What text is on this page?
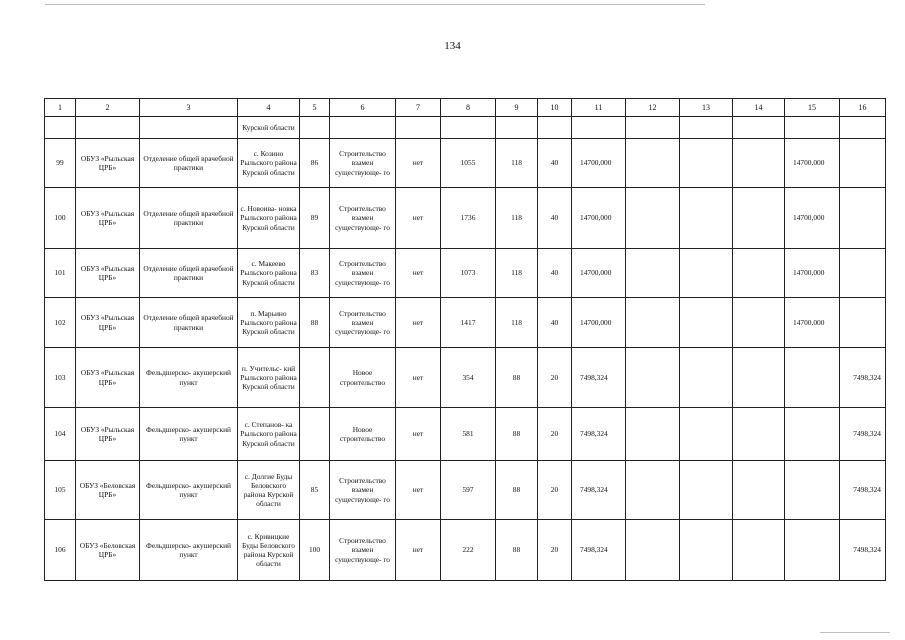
134
1	2	3	4	5	6	7	8	9	10	11	12	13	14	15	16
			Курской области												
99	ОБУЗ «Рыльская ЦРБ»	Отделение общей врачебной практики	с. Козино Рыльского района Курской области	86	Строительство взамен существующе- го	нет	1055	118	40	14700,000				14700,000	
100	ОБУЗ «Рыльская ЦРБ»	Отделение общей врачебной практики	с. Новоива- новка Рыльского района Курской области	89	Строительство взамен существующе- го	нет	1736	118	40	14700,000				14700,000	
101	ОБУЗ «Рыльская ЦРБ»	Отделение общей врачебной практики	с. Макеево Рыльского района Курской области	83	Строительство взамен существующе- го	нет	1073	118	40	14700,000				14700,000	
102	ОБУЗ «Рыльская ЦРБ»	Отделение общей врачебной практики	п. Марьино Рыльского района Курской области	88	Строительство взамен существующе- го	нет	1417	118	40	14700,000				14700,000	
103	ОБУЗ «Рыльская ЦРБ»	Фельдшерско- акушерский пункт	п. Учительс- кий Рыльского района Курской области		Новое строительство	нет	354	88	20	7498,324					7498,324
104	ОБУЗ «Рыльская ЦРБ»	Фельдшерско- акушерский пункт	с. Степанов- ка Рыльского района Курской области		Новое строительство	нет	581	88	20	7498,324					7498,324
105	ОБУЗ «Беловская ЦРБ»	Фельдшерско- акушерский пункт	с. Долгие Буды Беловского района Курской области	85	Строительство взамен существующе- го	нет	597	88	20	7498,324					7498,324
106	ОБУЗ «Беловская ЦРБ»	Фельдшерско- акушерский пункт	с. Кривицкие Буды Беловского района Курской области	100	Строительство взамен существующе- го	нет	222	88	20	7498,324					7498,324
